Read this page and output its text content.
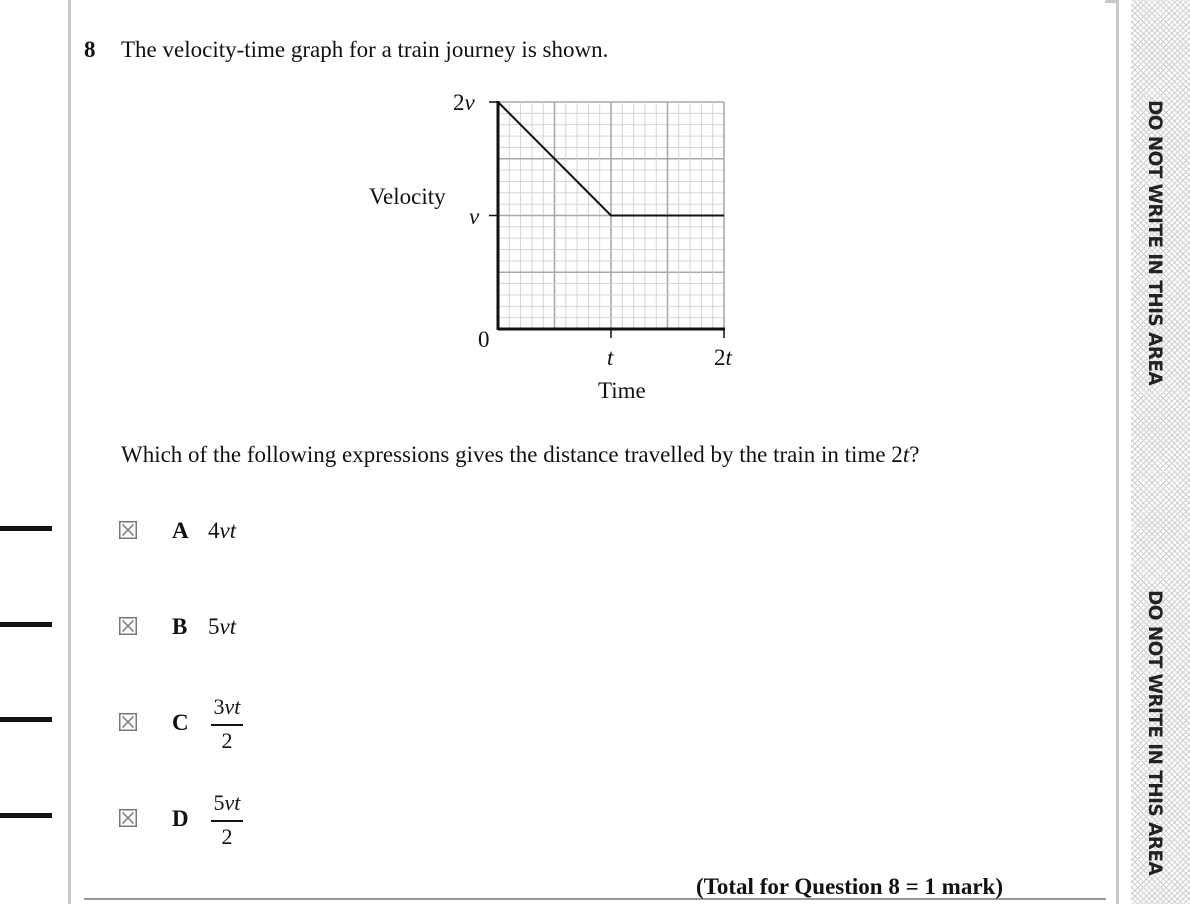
DO NOT WRITE IN THIS AREA
DO NOT WRITE IN THIS AREA
8 The velocity-time graph for a train journey is shown.
Velocity
2v
v
0
t	2t
Time
Which of the following expressions gives the distance travelled by the train in time 2t?
A 4vt
B 5vt
C
3vt
2
D
5vt
2
(Total for Question 8 = 1 mark)
